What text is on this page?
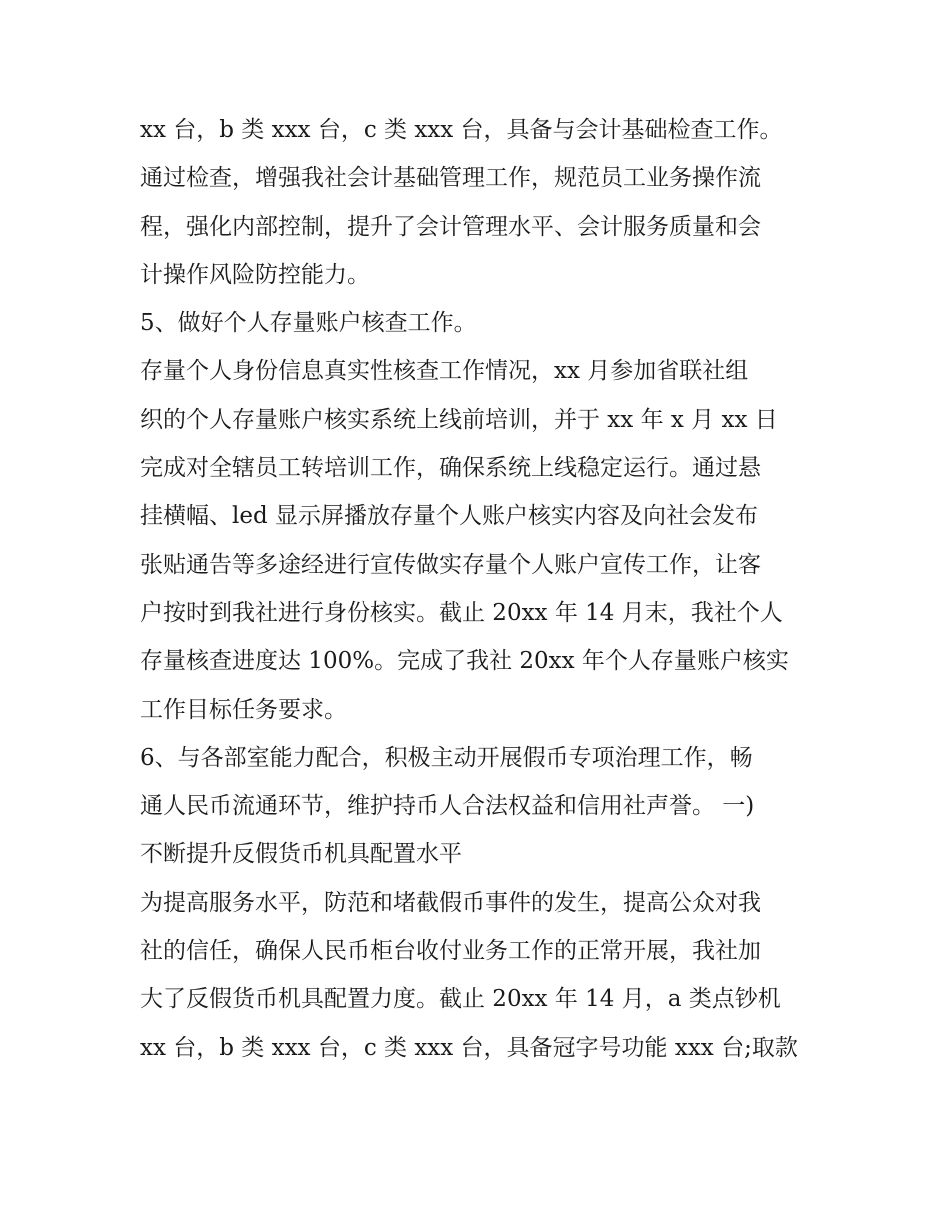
xx 台，b 类 xxx 台，c 类 xxx 台，具备与会计基础检查工作。
通过检查，增强我社会计基础管理工作，规范员工业务操作流
程，强化内部控制，提升了会计管理水平、会计服务质量和会
计操作风险防控能力。
5、做好个人存量账户核查工作。
存量个人身份信息真实性核查工作情况，xx 月参加省联社组
织的个人存量账户核实系统上线前培训，并于 xx 年 x 月 xx 日
完成对全辖员工转培训工作，确保系统上线稳定运行。通过悬
挂横幅、led 显示屏播放存量个人账户核实内容及向社会发布
张贴通告等多途经进行宣传做实存量个人账户宣传工作，让客
户按时到我社进行身份核实。截止 20xx 年 14 月末，我社个人
存量核查进度达 100%。完成了我社 20xx 年个人存量账户核实
工作目标任务要求。
6、与各部室能力配合，积极主动开展假币专项治理工作，畅
通人民币流通环节，维护持币人合法权益和信用社声誉。 一)
不断提升反假货币机具配置水平
为提高服务水平，防范和堵截假币事件的发生，提高公众对我
社的信任，确保人民币柜台收付业务工作的正常开展，我社加
大了反假货币机具配置力度。截止 20xx 年 14 月，a 类点钞机
xx 台，b 类 xxx 台，c 类 xxx 台，具备冠字号功能 xxx 台;取款
